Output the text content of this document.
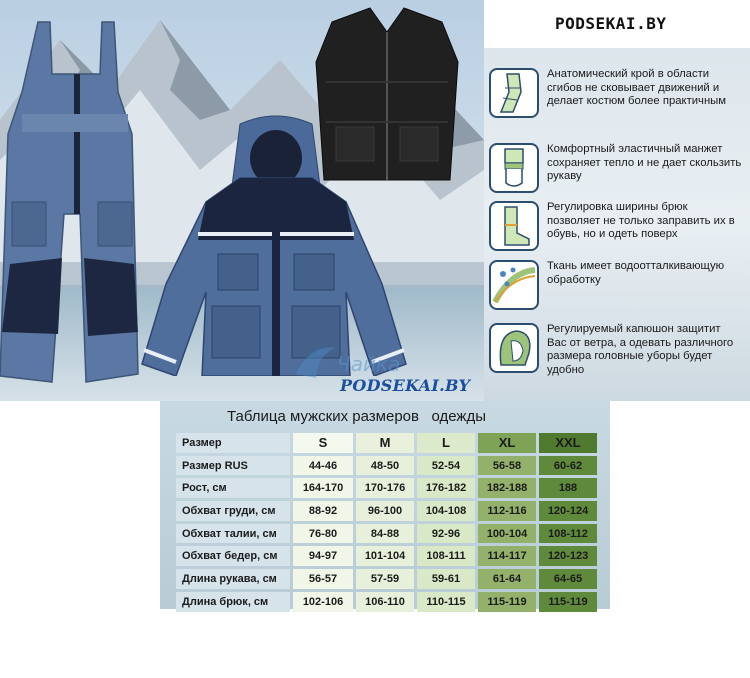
Чайка
PODSEKAI.BY
PODSEKAI.BY
Анатомический крой в области сгибов не сковывает движений и делает костюм более практичным
Комфортный эластичный манжет сохраняет тепло и не дает скользить рукаву
Регулировка ширины брюк позволяет не только заправить их в обувь, но и одеть поверх
Ткань имеет водоотталкивающую обработку
Регулируемый капюшон защитит Вас от ветра, а одевать различного размера головные уборы будет удобно
Таблица мужских размеров   одежды
Размер	S	M	L	XL	XXL
Размер RUS	44-46	48-50	52-54	56-58	60-62
Рост, см	164-170	170-176	176-182	182-188	188
Обхват груди, см	88-92	96-100	104-108	112-116	120-124
Обхват талии, см	76-80	84-88	92-96	100-104	108-112
Обхват бедер, см	94-97	101-104	108-111	114-117	120-123
Длина рукава, см	56-57	57-59	59-61	61-64	64-65
Длина брюк, см	102-106	106-110	110-115	115-119	115-119
